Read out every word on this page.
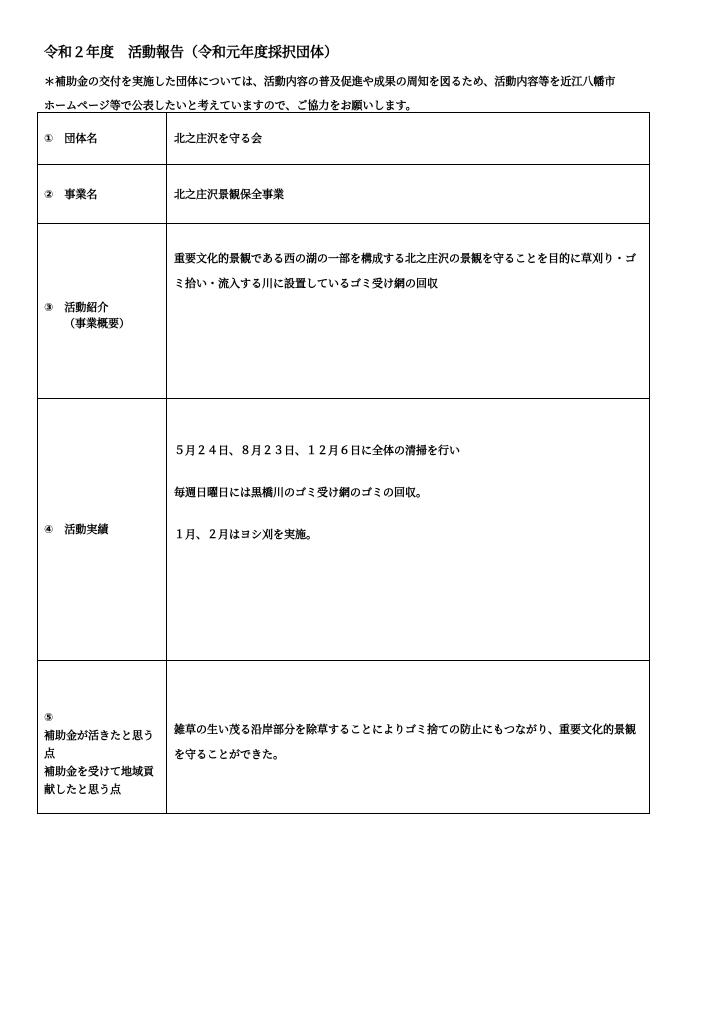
令和２年度　活動報告（令和元年度採択団体）
＊補助金の交付を実施した団体については、活動内容の普及促進や成果の周知を図るため、活動内容等を近江八幡市
ホームページ等で公表したいと考えていますので、ご協力をお願いします。
①　団体名	北之庄沢を守る会
②　事業名	北之庄沢景観保全事業

③　活動紹介
（事業概要）	重要文化的景観である西の湖の一部を構成する北之庄沢の景観を守ることを目的に草刈り・ゴミ拾い・流入する川に設置しているゴミ受け網の回収
④　活動実績	５月２４日、８月２３日、１２月６日に全体の清掃を行い
毎週日曜日には黒橋川のゴミ受け網のゴミの回収。
１月、２月はヨシ刈を実施。

⑤
補助金が活きたと思う点
補助金を受けて地域貢献したと思う点	雑草の生い茂る沿岸部分を除草することによりゴミ捨ての防止にもつながり、重要文化的景観を守ることができた。
